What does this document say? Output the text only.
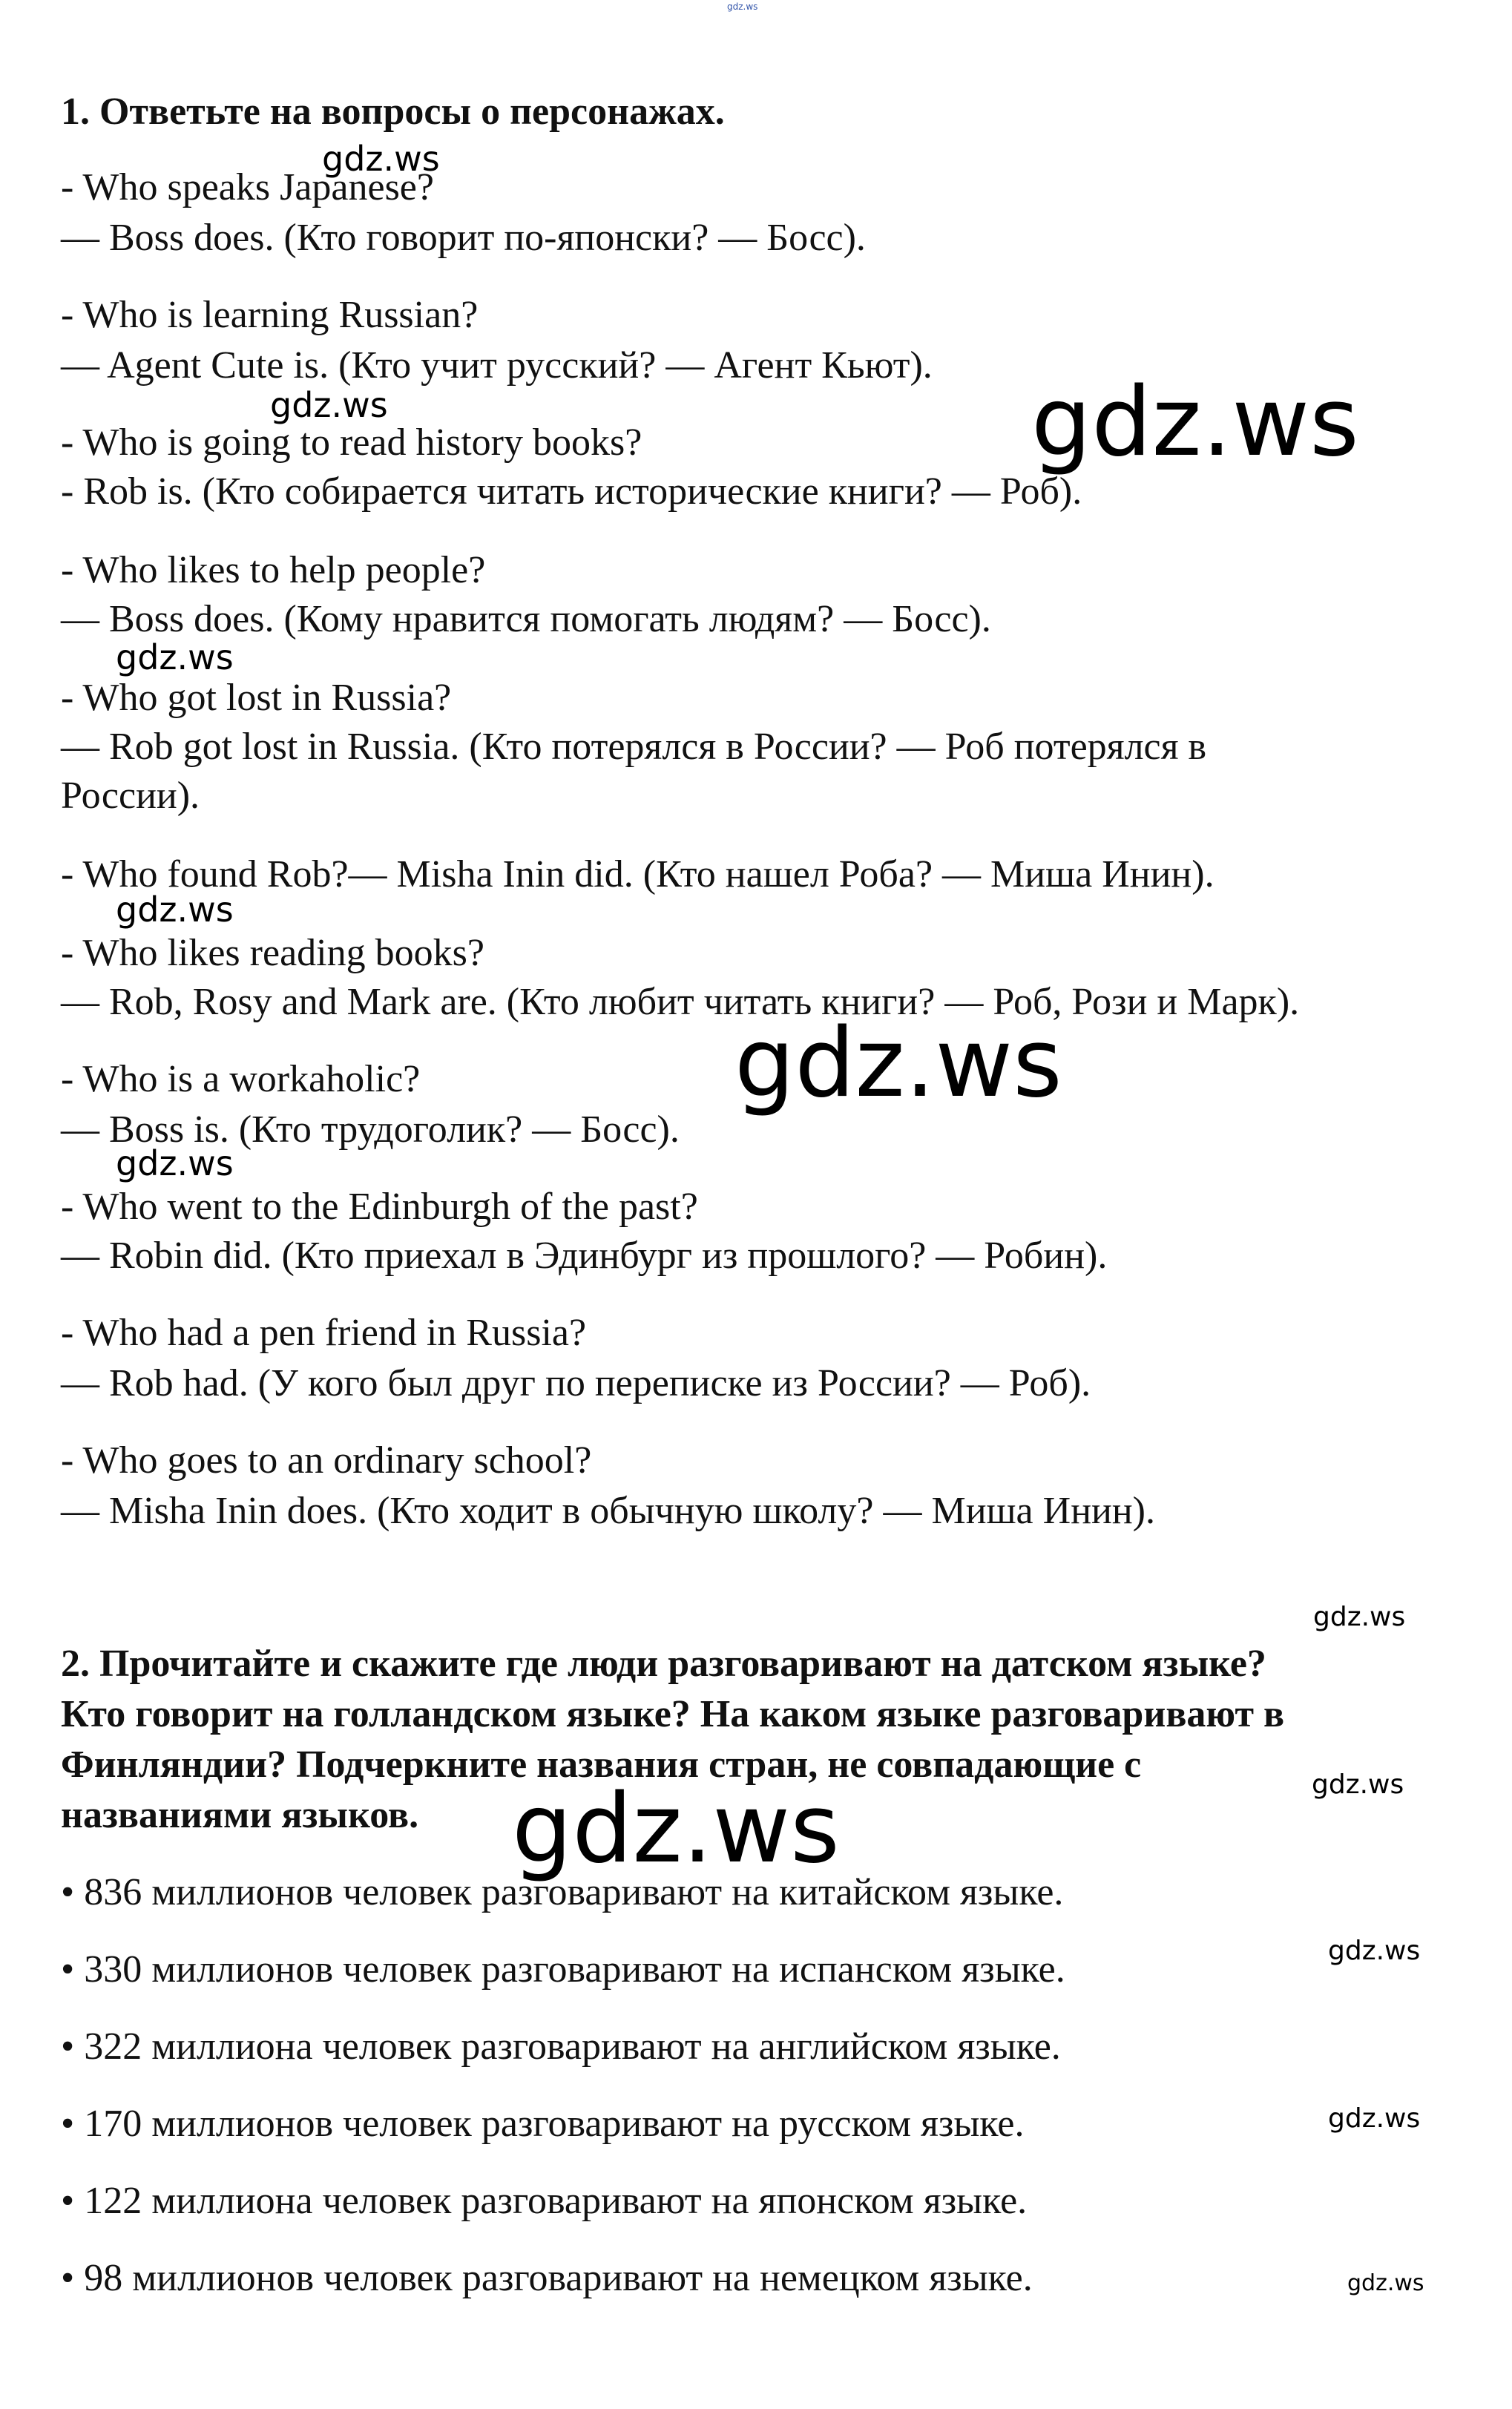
gdz.ws
1. Ответьте на вопросы о персонажах.
- Who speaks Japanese?
— Boss does. (Кто говорит по-японски? — Босс).
- Who is learning Russian?
— Agent Cute is. (Кто учит русский? — Агент Кьют).
- Who is going to read history books?
- Rob is. (Кто собирается читать исторические книги? — Роб).
- Who likes to help people?
— Boss does. (Кому нравится помогать людям? — Босс).
- Who got lost in Russia?
— Rob got lost in Russia. (Кто потерялся в России? — Роб потерялся в
России).
- Who found Rob?— Misha Inin did. (Кто нашел Роба? — Миша Инин).
- Who likes reading books?
— Rob, Rosy and Mark are. (Кто любит читать книги? — Роб, Рози и Марк).
- Who is a workaholic?
— Boss is. (Кто трудоголик? — Босс).
- Who went to the Edinburgh of the past?
— Robin did. (Кто приехал в Эдинбург из прошлого? — Робин).
- Who had a pen friend in Russia?
— Rob had. (У кого был друг по переписке из России? — Роб).
- Who goes to an ordinary school?
— Misha Inin does. (Кто ходит в обычную школу? — Миша Инин).
2. Прочитайте и скажите где люди разговаривают на датском языке?
Кто говорит на голландском языке? На каком языке разговаривают в
Финляндии? Подчеркните названия стран, не совпадающие с
названиями языков.
• 836 миллионов человек разговаривают на китайском языке.
• 330 миллионов человек разговаривают на испанском языке.
• 322 миллиона человек разговаривают на английском языке.
• 170 миллионов человек разговаривают на русском языке.
• 122 миллиона человек разговаривают на японском языке.
• 98 миллионов человек разговаривают на немецком языке.
gdz.ws
gdz.ws	gdz.ws
gdz.ws
gdz.ws
gdz.ws
gdz.ws
gdz.ws
gdz.ws
gdz.ws
gdz.ws
gdz.ws
gdz.ws
